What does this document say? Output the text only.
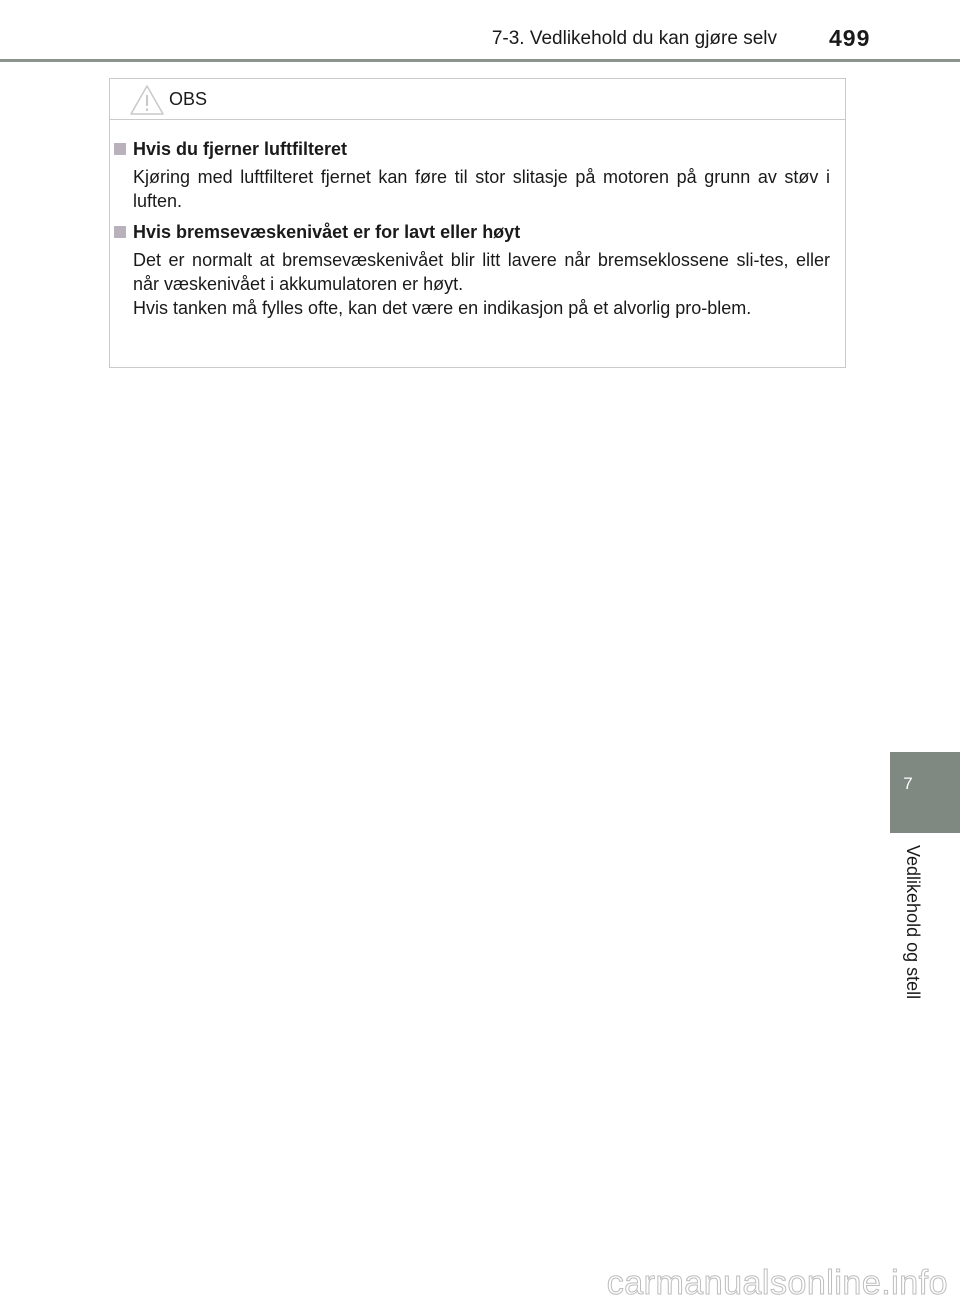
7-3. Vedlikehold du kan gjøre selv 499
OBS
Hvis du fjerner luftfilteret

Kjøring med luftfilteret fjernet kan føre til stor slitasje på motoren på grunn av støv i luften.

Hvis bremsevæskenivået er for lavt eller høyt

Det er normalt at bremsevæskenivået blir litt lavere når bremseklossene sli-tes, eller når væskenivået i akkumulatoren er høyt.

Hvis tanken må fylles ofte, kan det være en indikasjon på et alvorlig pro-blem.

7
Vedlikehold og stell
carmanualsonline.info
